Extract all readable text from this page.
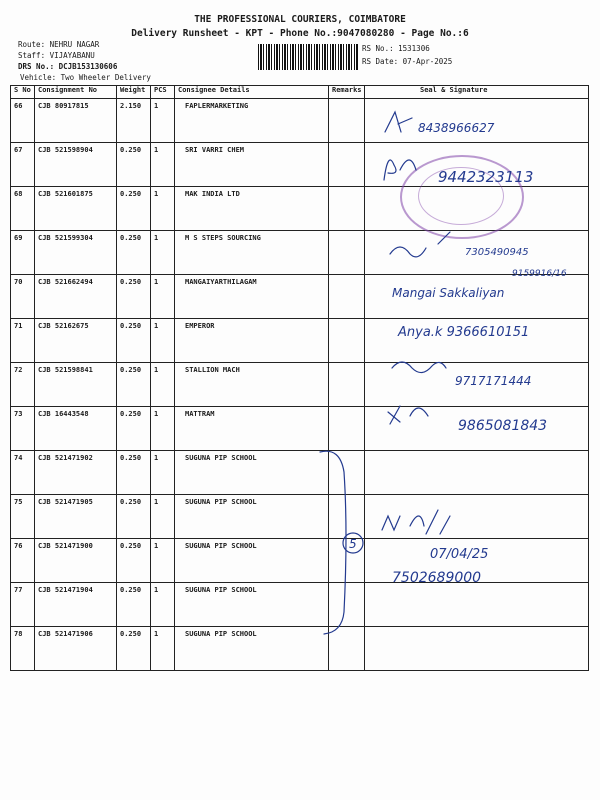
THE PROFESSIONAL COURIERS, COIMBATORE
Delivery Runsheet - KPT - Phone No.:9047080280 - Page No.:6
Route: NEHRU NAGAR
Staff: VIJAYABANU
DRS No.: DCJB153130606
Vehicle: Two Wheeler Delivery
RS No.: 1531306
RS Date: 07-Apr-2025
S No	Consignment No	Weight	PCS	Consignee Details	Remarks	Seal & Signature
66	CJB 80917815	2.150	1	FAPLERMARKETING		
67	CJB 521598904	0.250	1	SRI VARRI CHEM		
68	CJB 521601875	0.250	1	MAK INDIA LTD		
69	CJB 521599304	0.250	1	M S STEPS SOURCING		
70	CJB 521662494	0.250	1	MANGAIYARTHILAGAM		
71	CJB 52162675	0.250	1	EMPEROR		
72	CJB 521598841	0.250	1	STALLION MACH		
73	CJB 16443548	0.250	1	MATTRAM		
74	CJB 521471902	0.250	1	SUGUNA PIP SCHOOL		
75	CJB 521471905	0.250	1	SUGUNA PIP SCHOOL		
76	CJB 521471900	0.250	1	SUGUNA PIP SCHOOL		
77	CJB 521471904	0.250	1	SUGUNA PIP SCHOOL		
78	CJB 521471906	0.250	1	SUGUNA PIP SCHOOL		
8438966627
9442323113
7305490945
9159916/16
Mangai Sakkaliyan
Anya.k 9366610151
9717171444
9865081843
5
07/04/25
7502689000
